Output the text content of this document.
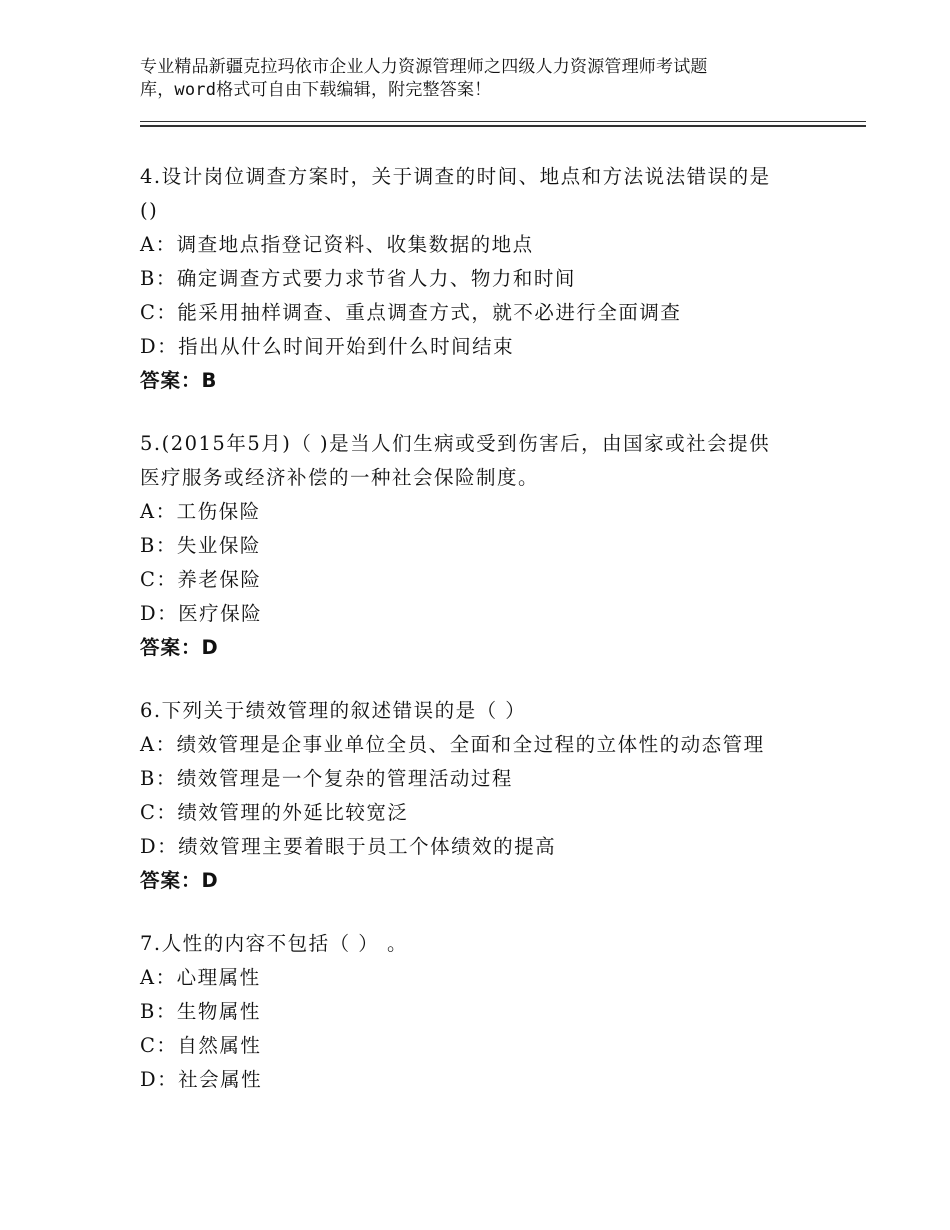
专业精品新疆克拉玛依市企业人力资源管理师之四级人力资源管理师考试题
库，word格式可自由下载编辑，附完整答案！
4.设计岗位调查方案时，关于调查的时间、地点和方法说法错误的是
()
A：调查地点指登记资料、收集数据的地点
B：确定调查方式要力求节省人力、物力和时间
C：能采用抽样调查、重点调查方式，就不必进行全面调查
D：指出从什么时间开始到什么时间结束
答案：B
5.(2015年5月)（ )是当人们生病或受到伤害后，由国家或社会提供
医疗服务或经济补偿的一种社会保险制度。
A：工伤保险
B：失业保险
C：养老保险
D：医疗保险
答案：D
6.下列关于绩效管理的叙述错误的是（ ）
A：绩效管理是企事业单位全员、全面和全过程的立体性的动态管理
B：绩效管理是一个复杂的管理活动过程
C：绩效管理的外延比较宽泛
D：绩效管理主要着眼于员工个体绩效的提高
答案：D
7.人性的内容不包括（ ） 。
A：心理属性
B：生物属性
C：自然属性
D：社会属性
